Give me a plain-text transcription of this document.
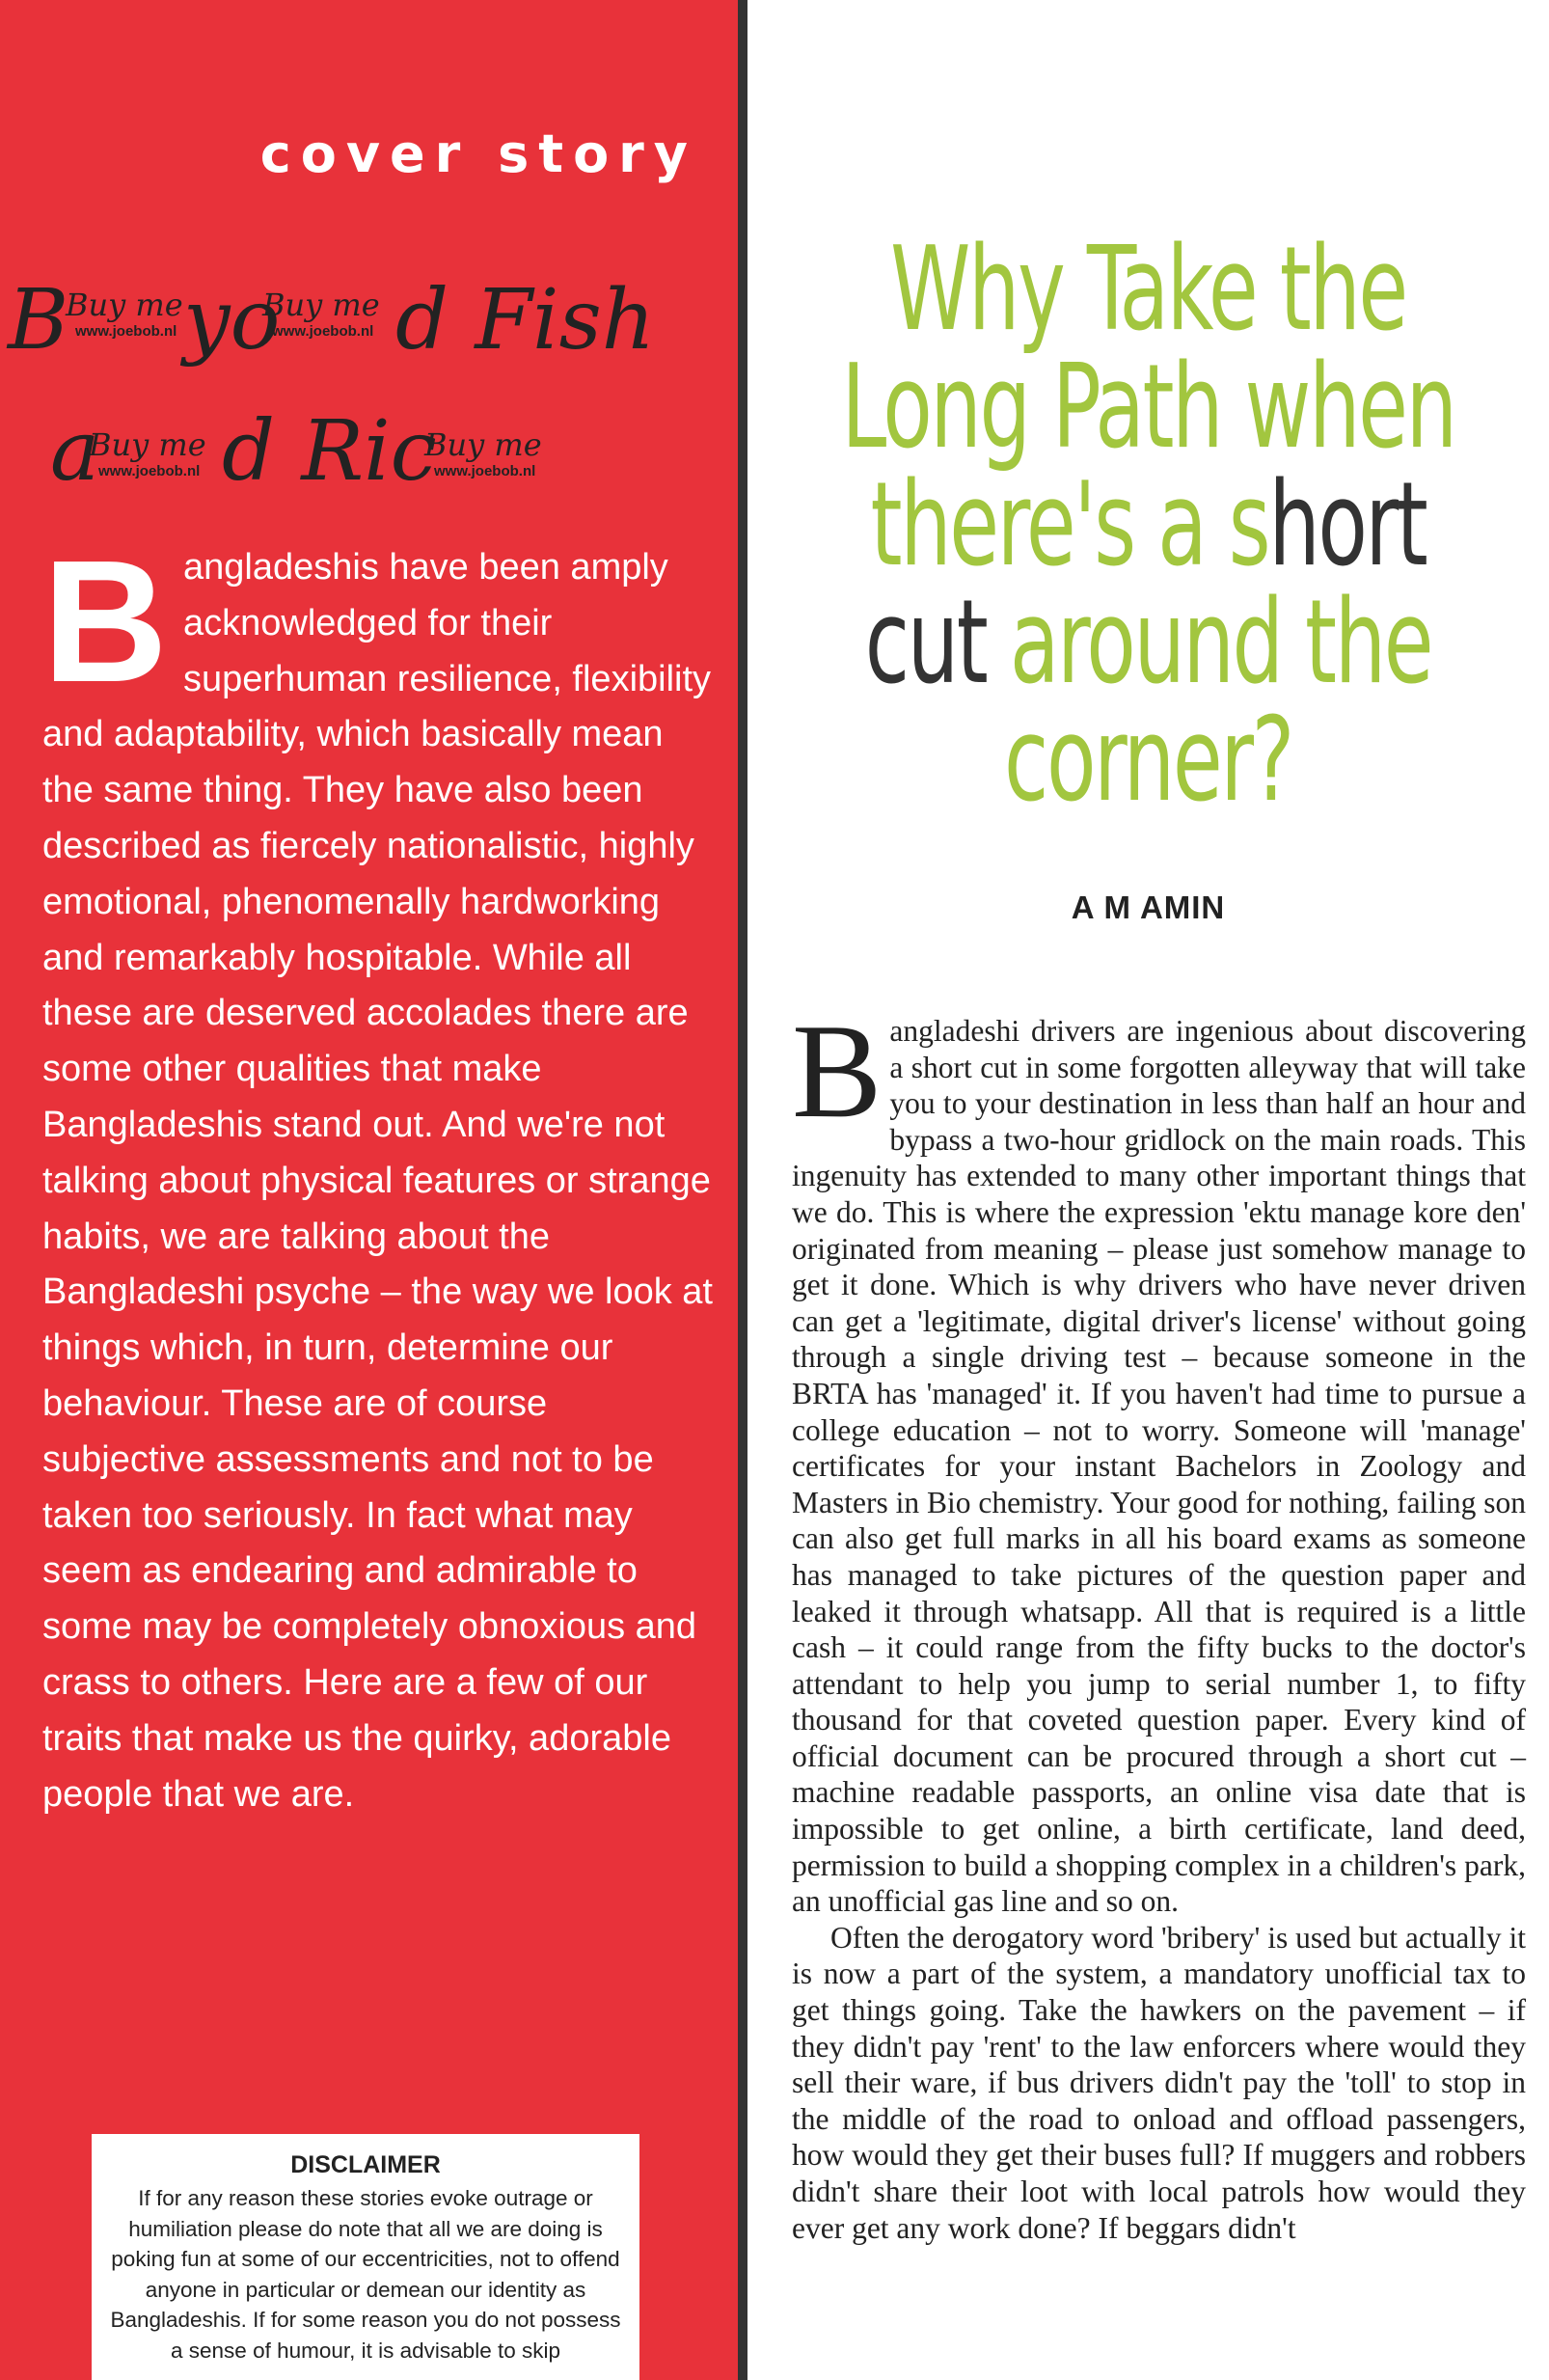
cover story
B yo d Fish
a d Ric
Buy me
www.joebob.nl
Buy me
www.joebob.nl
Buy me
www.joebob.nl
Buy me
www.joebob.nl
Bangladeshis have been amply acknowledged for their superhuman resilience, flexibility and adaptability, which basically mean the same thing. They have also been described as fiercely nationalistic, highly emotional, phenomenally hardworking and remarkably hospitable. While all these are deserved accolades there are some other qualities that make Bangladeshis stand out. And we're not talking about physical features or strange habits, we are talking about the Bangladeshi psyche – the way we look at things which, in turn, determine our behaviour. These are of course subjective assessments and not to be taken too seriously. In fact what may seem as endearing and admirable to some may be completely obnoxious and crass to others. Here are a few of our traits that make us the quirky, adorable people that we are.
DISCLAIMER

If for any reason these stories evoke outrage or humiliation please do note that all we are doing is poking fun at some of our eccentricities, not to offend anyone in particular or demean our identity as Bangladeshis. If for some reason you do not possess a sense of humour, it is advisable to skip

Why Take the
Long Path when
there's a short
cut around the
corner?
A M AMIN

Bangladeshi drivers are ingenious about discovering a short cut in some forgotten alleyway that will take you to your destination in less than half an hour and bypass a two-hour gridlock on the main roads. This ingenuity has extended to many other important things that we do. This is where the expression 'ektu manage kore den' originated from meaning – please just somehow manage to get it done. Which is why drivers who have never driven can get a 'legitimate, digital driver's license' without going through a single driving test – because someone in the BRTA has 'managed' it. If you haven't had time to pursue a college education – not to worry. Someone will 'manage' certificates for your instant Bachelors in Zoology and Masters in Bio chemistry. Your good for nothing, failing son can also get full marks in all his board exams as someone has managed to take pictures of the question paper and leaked it through whatsapp. All that is required is a little cash – it could range from the fifty bucks to the doctor's attendant to help you jump to serial number 1, to fifty thousand for that coveted question paper. Every kind of official document can be procured through a short cut – machine readable passports, an online visa date that is impossible to get online, a birth certificate, land deed, permission to build a shopping complex in a children's park, an unofficial gas line and so on.

Often the derogatory word 'bribery' is used but actually it is now a part of the system, a mandatory unofficial tax to get things going. Take the hawkers on the pavement – if they didn't pay 'rent' to the law enforcers where would they sell their ware, if bus drivers didn't pay the 'toll' to stop in the middle of the road to onload and offload passengers, how would they get their buses full? If muggers and robbers didn't share their loot with local patrols how would they ever get any work done? If beggars didn't
